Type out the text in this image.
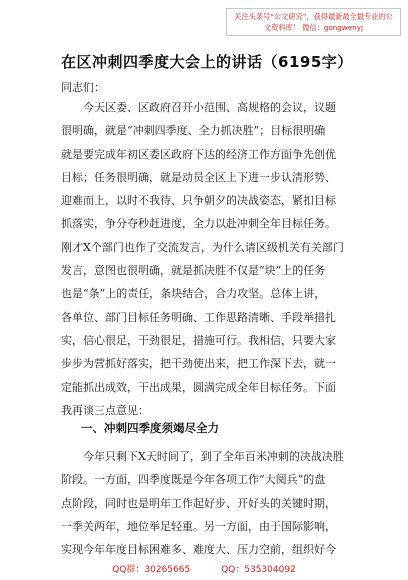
关注头条号“公文研究”，获得最新最全最专业的公文资料库！ 微信：gongwenyj
在区冲刺四季度大会上的讲话（6195字）
同志们：
今天区委、区政府召开小范围、高规格的会议，议题
很明确，就是“冲刺四季度、全力抓决胜”；目标很明确
就是要完成年初区委区政府下达的经济工作方面争先创优
目标；任务很明确，就是动员全区上下进一步认清形势、
迎难而上，以时不我待、只争朝夕的决战姿态，紧扣目标
抓落实，争分夺秒赶进度，全力以赴冲刺全年目标任务。
刚才X个部门也作了交流发言，为什么请区级机关有关部门
发言，意图也很明确，就是抓决胜不仅是“块”上的任务
也是“条”上的责任，条块结合，合力攻坚。总体上讲，
各单位、部门目标任务明确、工作思路清晰、手段举措扎
实，信心很足，干劲很足，措施可行。我相信，只要大家
步步为营抓好落实，把干劲使出来，把工作深下去，就一
定能抓出成效，干出成果，圆满完成全年目标任务。下面
我再谈三点意见：
一、冲刺四季度须竭尽全力
今年只剩下X天时间了，到了全年百米冲刺的决战决胜
阶段。一方面，四季度既是今年各项工作“大阅兵”的盘
点阶段，同时也是明年工作起好步、开好头的关键时期，
一季关两年，地位举足轻重。另一方面，由于国际影响，
实现今年年度目标困难多、难度大、压力空前，组织好今
QQ群：30265665	QQ：535304092
